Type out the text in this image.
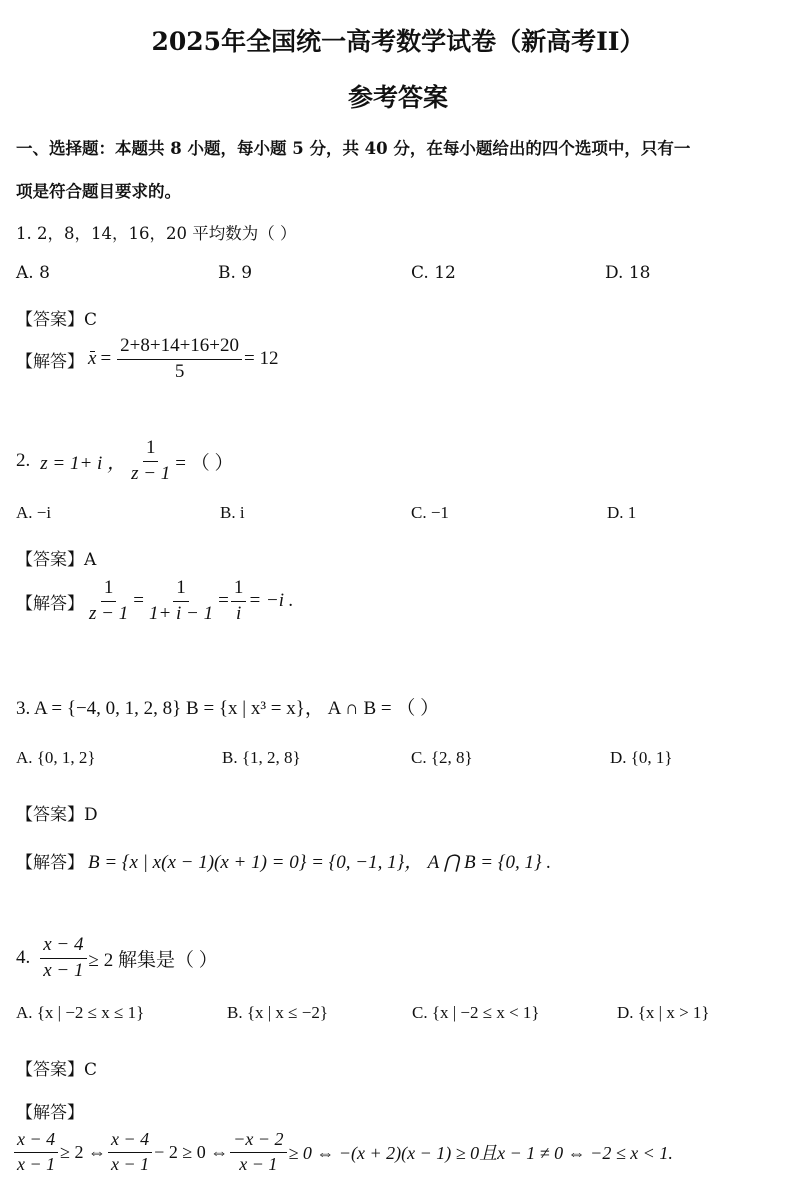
2025年全国统一高考数学试卷（新高考II）
参考答案
一、选择题：本题共 8 小题，每小题 5 分，共 40 分，在每小题给出的四个选项中，只有一
项是符合题目要求的。
1. 2，8，14，16，20 平均数为（ ）
A. 8	B. 9	C. 12	D. 18
【答案】C
【解答】 $x = \frac{2+8+14+16+20}{5} = 12$
2. z = 1+ i ， $\frac{1}{z - 1}$ = （ ）
A. −i	B. i	C. −1	D. 1
【答案】A
【解答】 $\frac{1}{z - 1} = \frac{1}{1+ i - 1} = \frac{1}{i} = -i$ .
3. A = {−4, 0, 1, 2, 8} B = {x | x³ = x}， A ∩ B = （ ）
A. {0, 1, 2}	B. {1, 2, 8}	C. {2, 8}	D. {0, 1}
【答案】D
【解答】 B = {x | x(x − 1)(x + 1) = 0} = {0, −1, 1}， A ⋂ B = {0, 1} .
4. $\frac{x - 4}{x - 1} \ge 2$ 解集是（ ）
A. {x | −2 ≤ x ≤ 1}	B. {x | x ≤ −2}	C. {x | −2 ≤ x < 1}	D. {x | x > 1}
【答案】C
【解答】
$\frac{x - 4}{x - 1} \ge 2$ ⇔ $\frac{x - 4}{x - 1} - 2 \ge 0$ ⇔ $\frac{-x - 2}{x - 1} \ge 0$ ⇔ −(x + 2)(x − 1) ≥ 0且x − 1 ≠ 0 ⇔ −2 ≤ x < 1.
